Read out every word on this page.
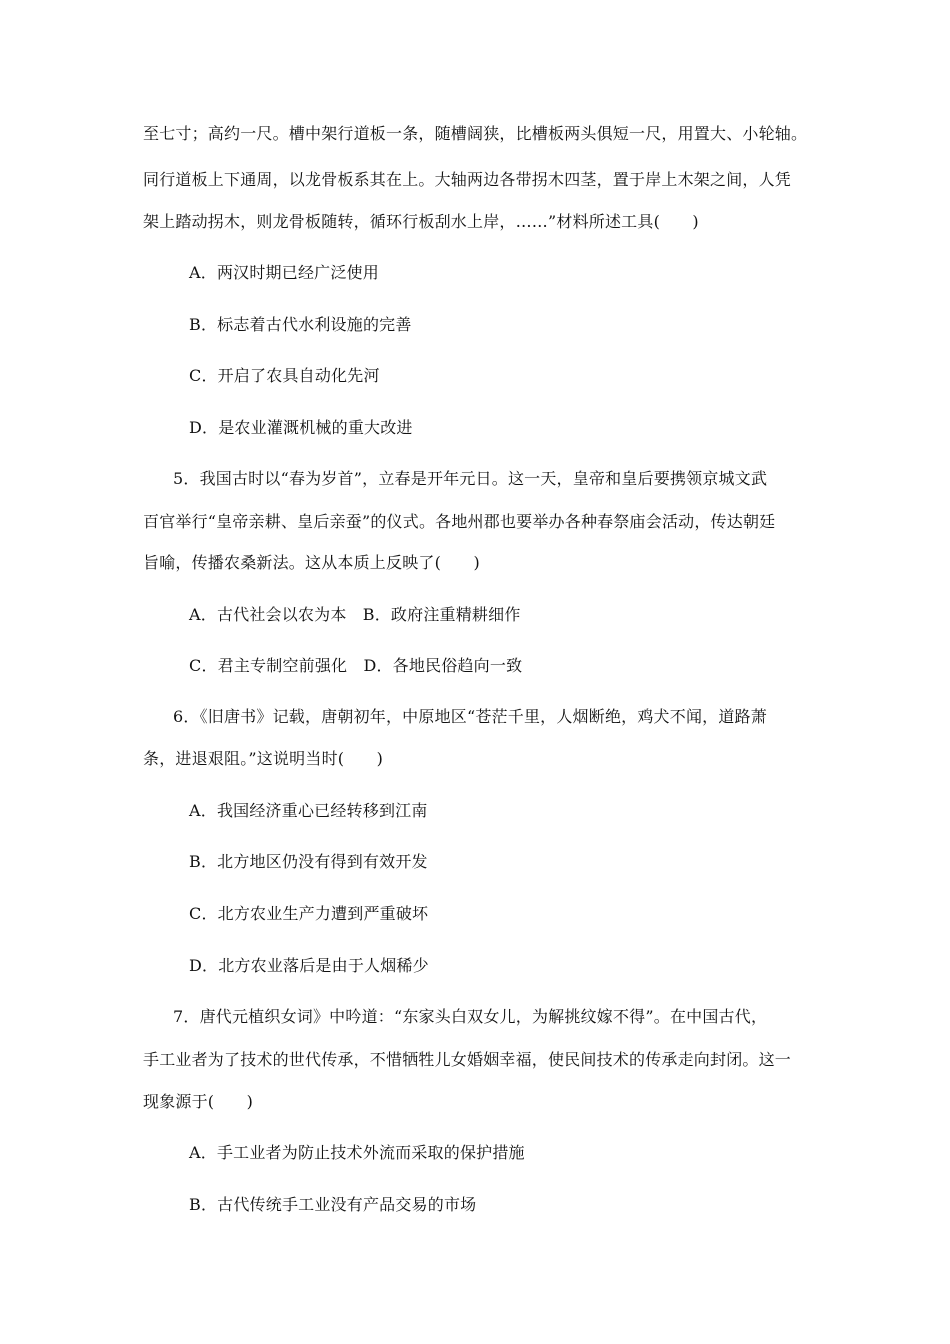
至七寸；高约一尺。槽中架行道板一条，随槽阔狭，比槽板两头俱短一尺，用置大、小轮轴。
同行道板上下通周，以龙骨板系其在上。大轴两边各带拐木四茎，置于岸上木架之间，人凭
架上踏动拐木，则龙骨板随转，循环行板刮水上岸，……”材料所述工具(　　)
A．两汉时期已经广泛使用
B．标志着古代水利设施的完善
C．开启了农具自动化先河
D．是农业灌溉机械的重大改进
5．我国古时以“春为岁首”，立春是开年元日。这一天，皇帝和皇后要携领京城文武
百官举行“皇帝亲耕、皇后亲蚕”的仪式。各地州郡也要举办各种春祭庙会活动，传达朝廷
旨喻，传播农桑新法。这从本质上反映了(　　)
A．古代社会以农为本　B．政府注重精耕细作
C．君主专制空前强化　D．各地民俗趋向一致
6．《旧唐书》记载，唐朝初年，中原地区“苍茫千里，人烟断绝，鸡犬不闻，道路萧
条，进退艰阻。”这说明当时(　　)
A．我国经济重心已经转移到江南
B．北方地区仍没有得到有效开发
C．北方农业生产力遭到严重破坏
D．北方农业落后是由于人烟稀少
7．唐代元植织女词》中吟道：“东家头白双女儿，为解挑纹嫁不得”。在中国古代，
手工业者为了技术的世代传承，不惜牺牲儿女婚姻幸福，使民间技术的传承走向封闭。这一
现象源于(　　)
A．手工业者为防止技术外流而采取的保护措施
B．古代传统手工业没有产品交易的市场
